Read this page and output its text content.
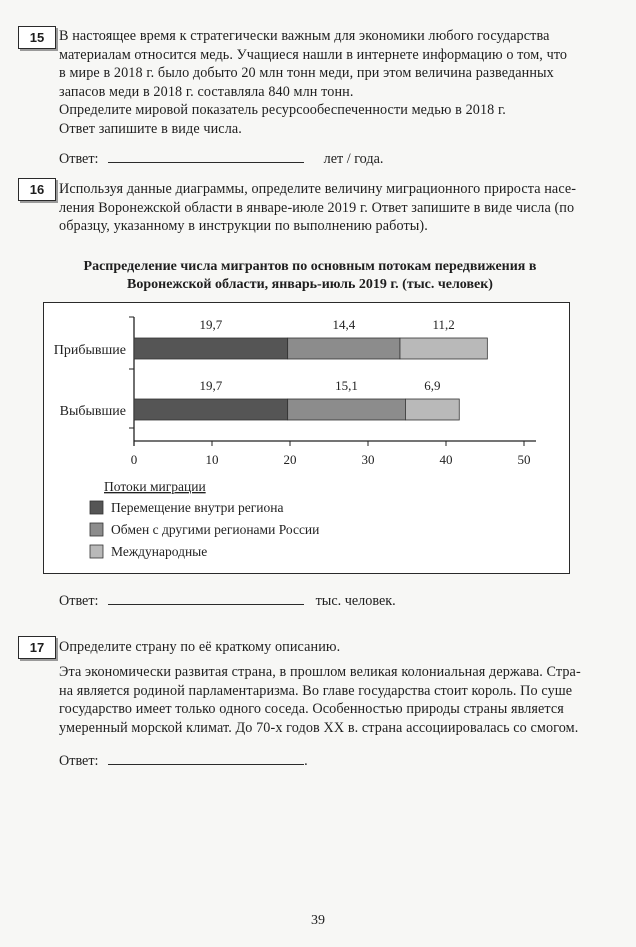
15	В настоящее время к стратегически важным для экономики любого государства
материалам относится медь. Учащиеся нашли в интернете информацию о том, что
в мире в 2018 г. было добыто 20 млн тонн меди, при этом величина разведанных
запасов меди в 2018 г. составляла 840 млн тонн.
Определите мировой показатель ресурсообеспеченности медью в 2018 г.
Ответ запишите в виде числа.
Ответ:	лет / года.
16	Используя данные диаграммы, определите величину миграционного прироста насе-
ления Воронежской области в январе-июле 2019 г. Ответ запишите в виде числа (по
образцу, указанному в инструкции по выполнению работы).
Распределение числа мигрантов по основным потокам передвижения в
Воронежской области, январь-июль 2019 г. (тыс. человек)
0	10	20	30	40	50
Прибывшие
19,7	14,4	11,2
Выбывшие
19,7	15,1	6,9
Потоки миграции
Перемещение внутри региона
Обмен с другими регионами России
Международные
Ответ:	тыс. человек.
17	Определите страну по её краткому описанию.
Эта экономически развитая страна, в прошлом великая колониальная держава. Стра-
на является родиной парламентаризма. Во главе государства стоит король. По суше
государство имеет только одного соседа. Особенностью природы страны является
умеренный морской климат. До 70-х годов XX в. страна ассоциировалась со смогом.
Ответ:	.
39
